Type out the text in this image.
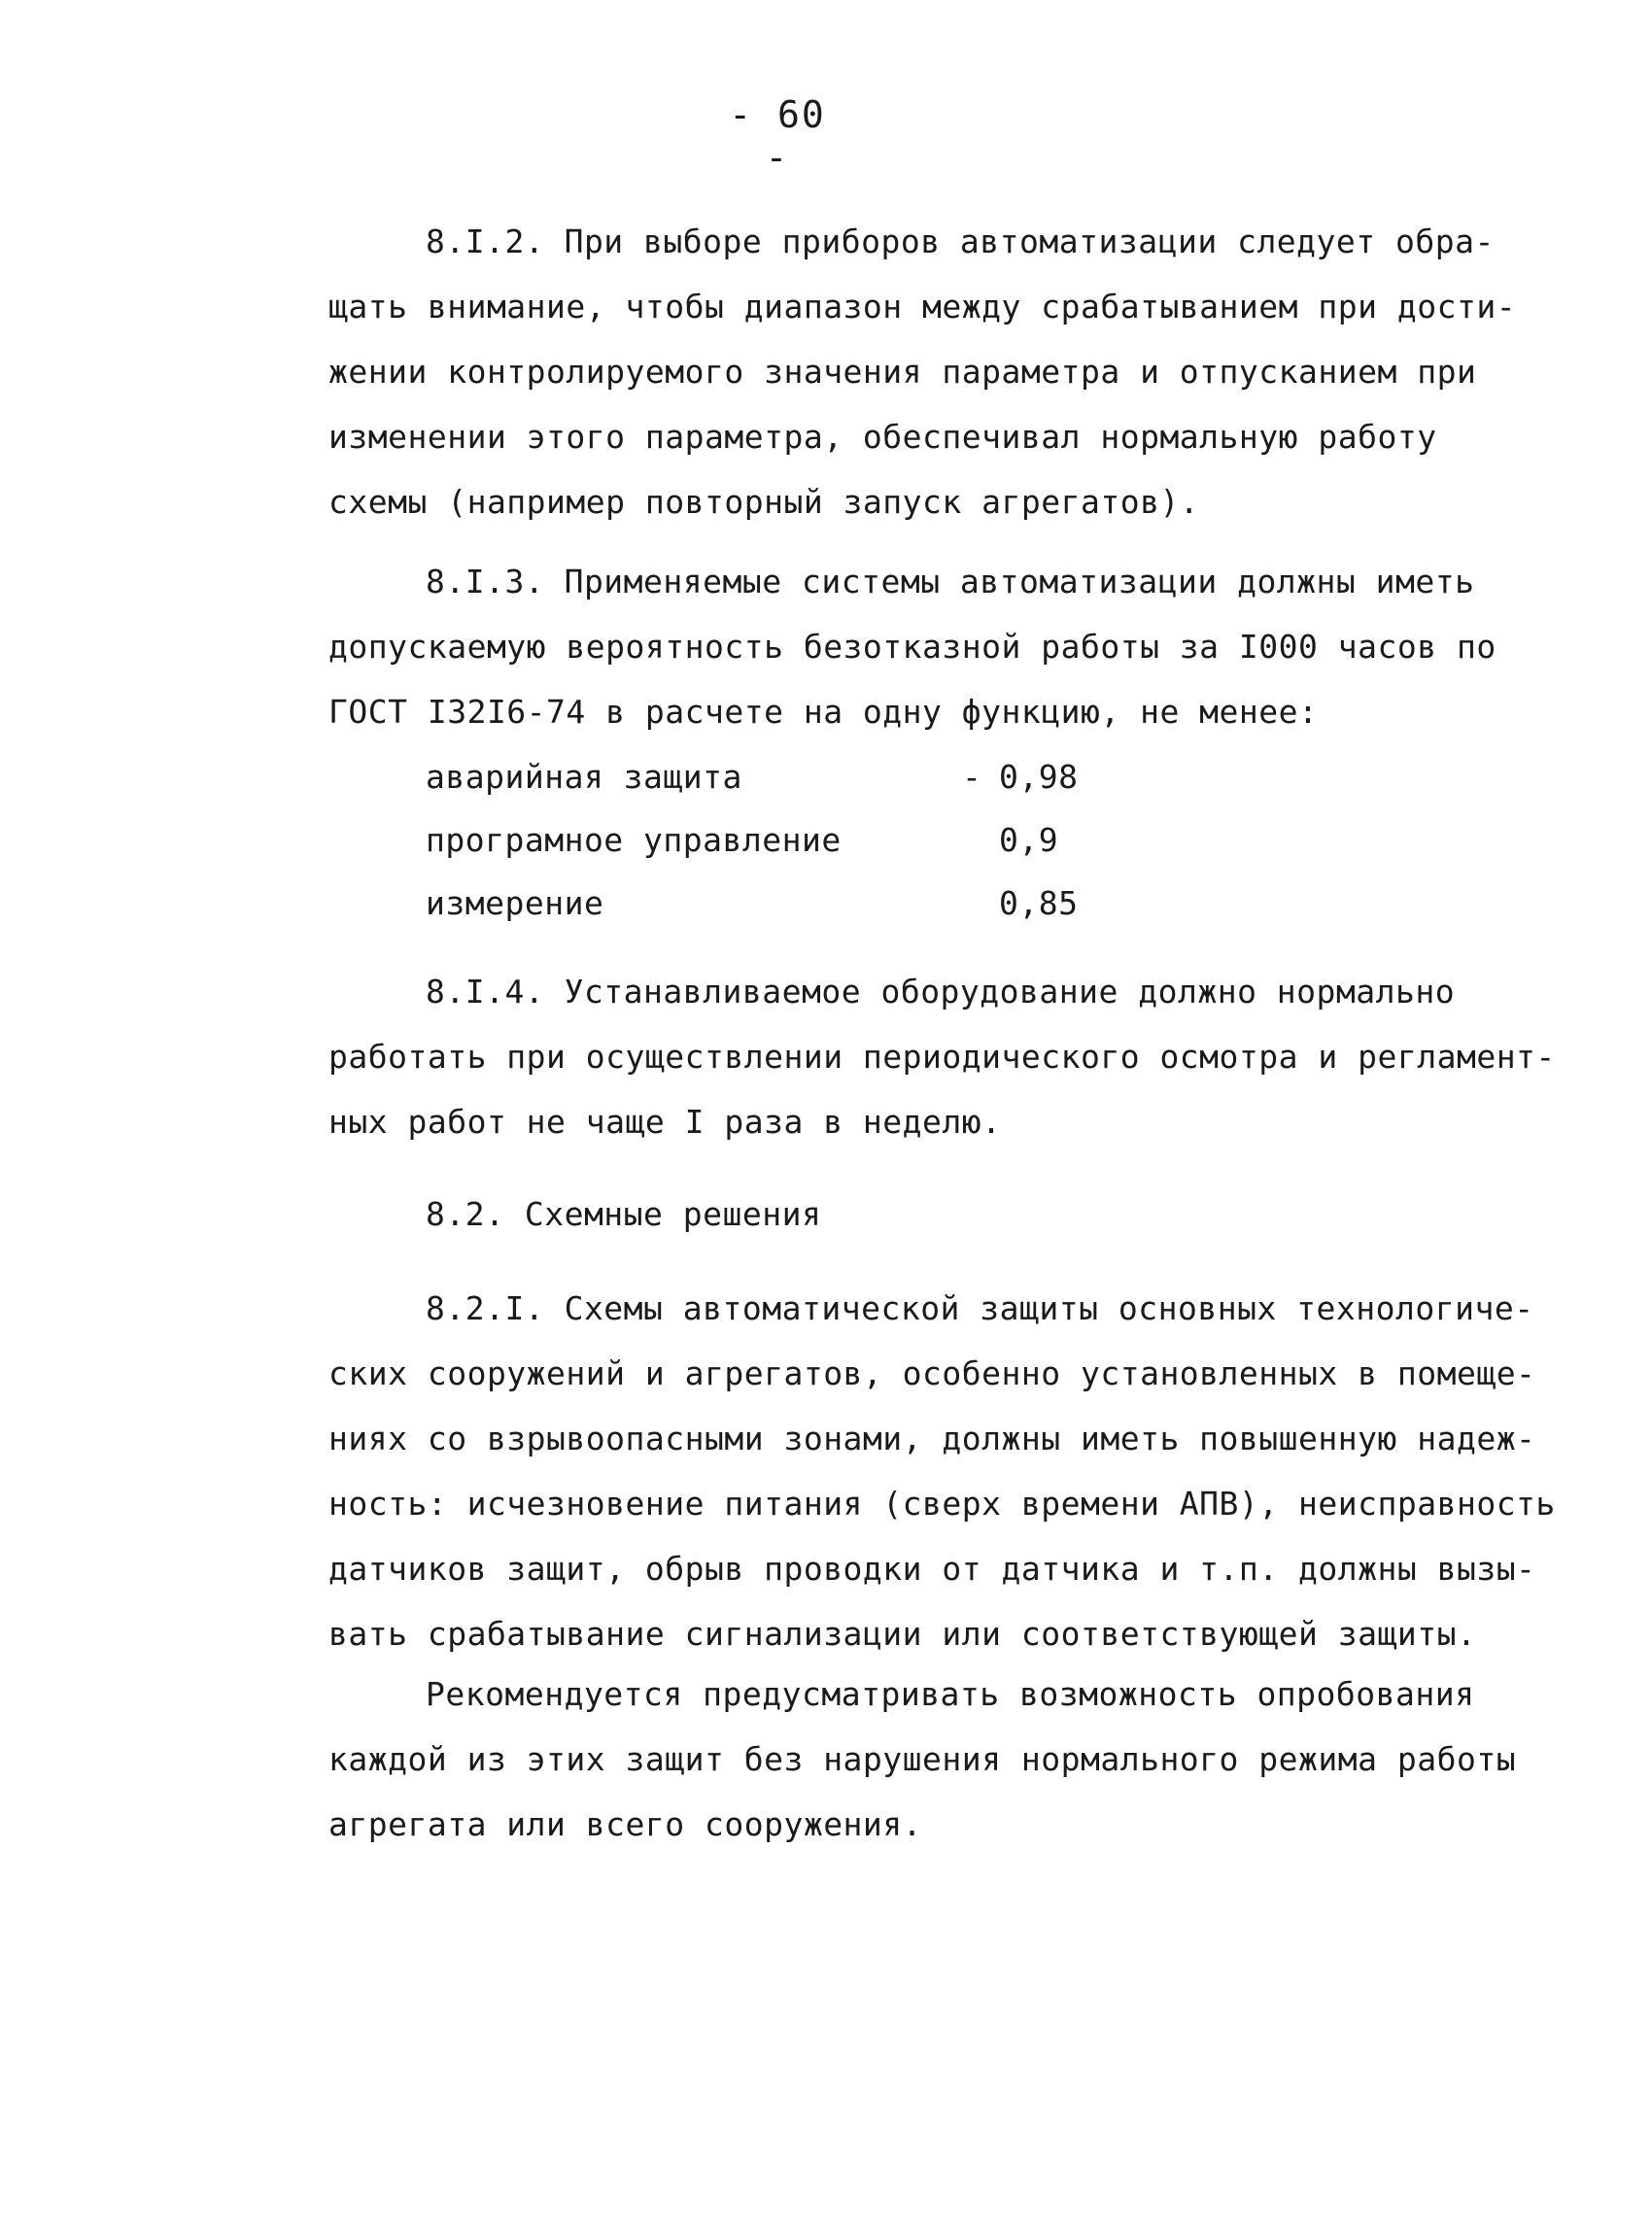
- 60 -
8.I.2. При выборе приборов автоматизации следует обра-
щать внимание, чтобы диапазон между срабатыванием при дости-
жении контролируемого значения параметра и отпусканием при
изменении этого параметра, обеспечивал нормальную работу
схемы (например повторный запуск агрегатов).
8.I.3. Применяемые системы автоматизации должны иметь
допускаемую вероятность безотказной работы за I000 часов по
ГОСТ I32I6-74 в расчете на одну функцию, не менее:
аварийная защита	- 0,98
програмное управление	0,9
измерение	0,85
8.I.4. Устанавливаемое оборудование должно нормально
работать при осуществлении периодического осмотра и регламент-
ных работ не чаще I раза в неделю.
8.2. Схемные решения
8.2.I. Схемы автоматической защиты основных технологиче-
ских сооружений и агрегатов, особенно установленных в помеще-
ниях со взрывоопасными зонами, должны иметь повышенную надеж-
ность: исчезновение питания (сверх времени АПВ), неисправность
датчиков защит, обрыв проводки от датчика и т.п. должны вызы-
вать срабатывание сигнализации или соответствующей защиты.
Рекомендуется предусматривать возможность опробования
каждой из этих защит без нарушения нормального режима работы
агрегата или всего сооружения.
